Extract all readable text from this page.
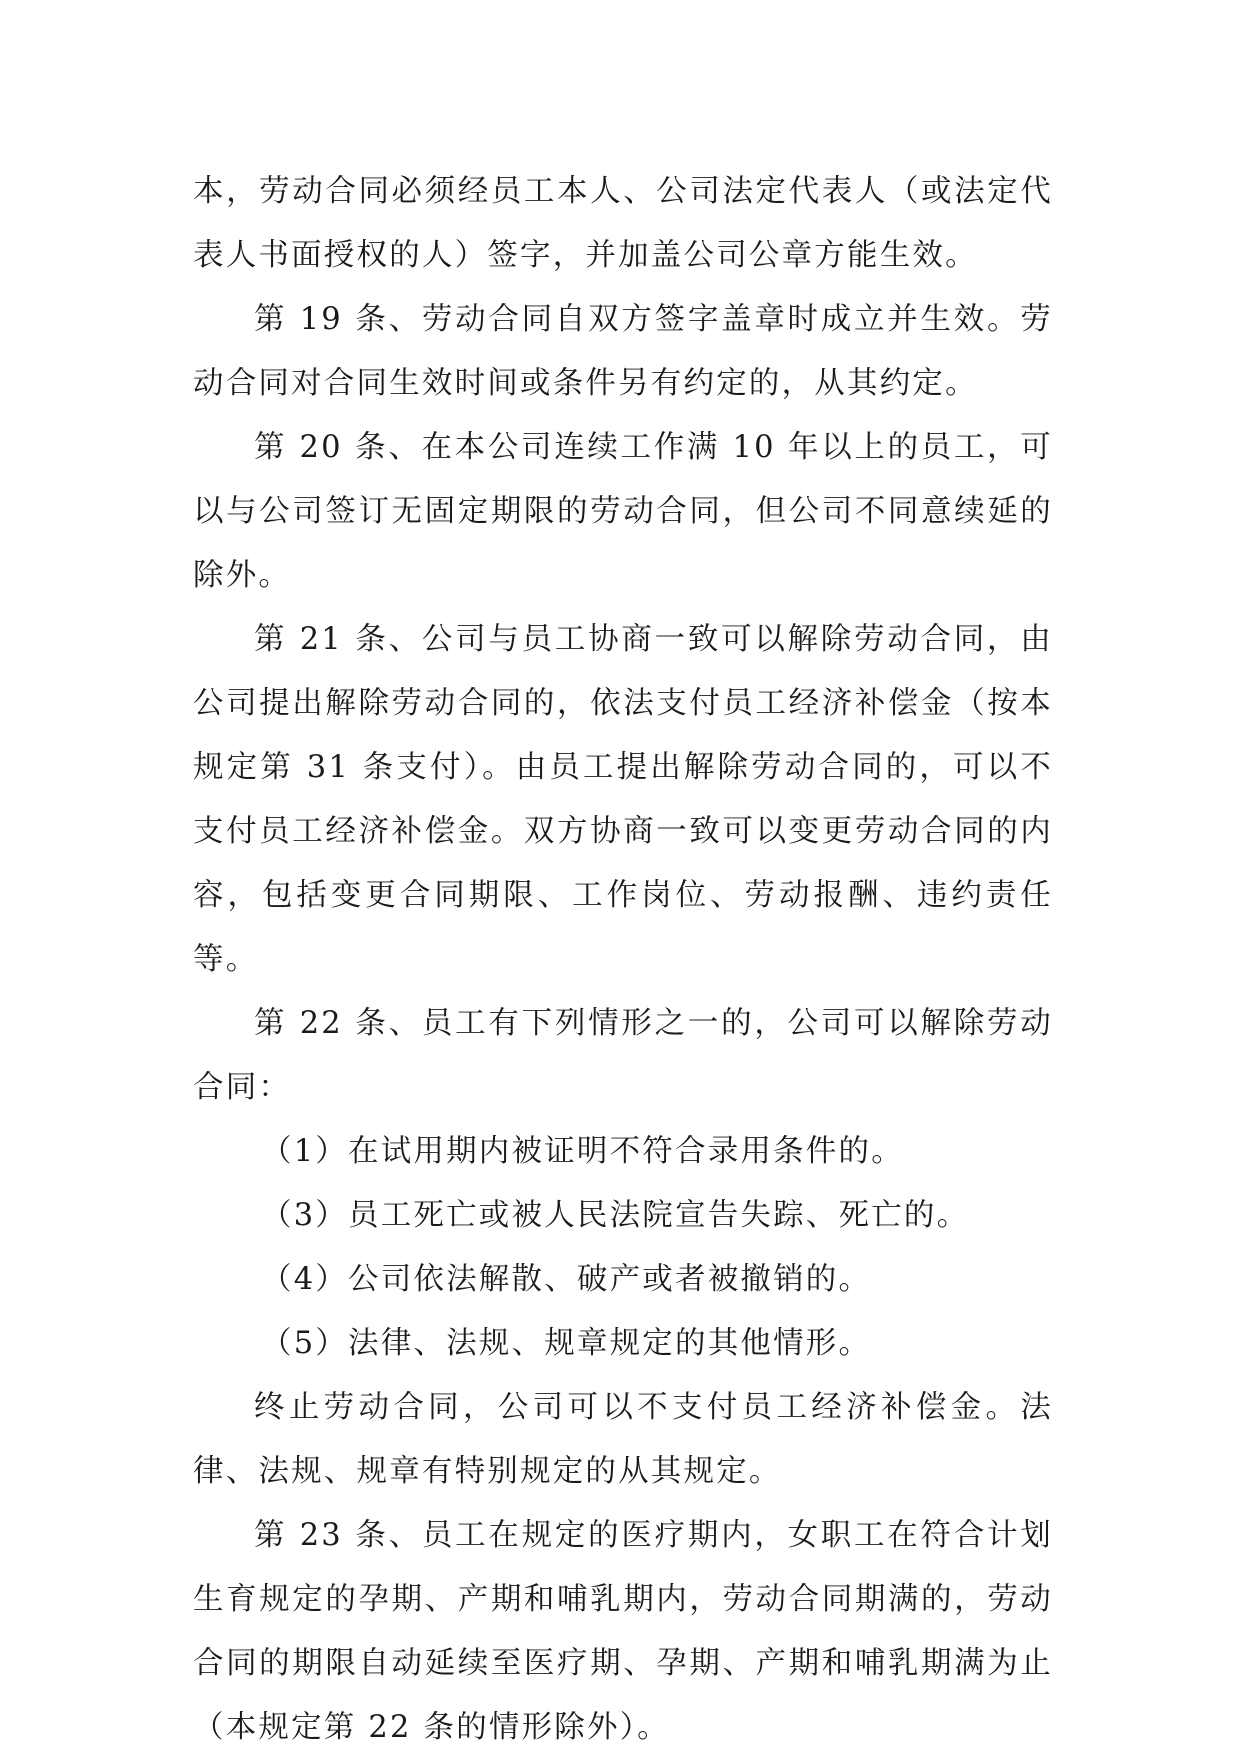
本，劳动合同必须经员工本人、公司法定代表人（或法定代表人书面授权的人）签字，并加盖公司公章方能生效。

第 19 条、劳动合同自双方签字盖章时成立并生效。劳动合同对合同生效时间或条件另有约定的，从其约定。

第 20 条、在本公司连续工作满 10 年以上的员工，可以与公司签订无固定期限的劳动合同，但公司不同意续延的除外。

第 21 条、公司与员工协商一致可以解除劳动合同，由公司提出解除劳动合同的，依法支付员工经济补偿金（按本规定第 31 条支付）。由员工提出解除劳动合同的，可以不支付员工经济补偿金。双方协商一致可以变更劳动合同的内容，包括变更合同期限、工作岗位、劳动报酬、违约责任等。

第 22 条、员工有下列情形之一的，公司可以解除劳动合同：

（1）在试用期内被证明不符合录用条件的。

（3）员工死亡或被人民法院宣告失踪、死亡的。

（4）公司依法解散、破产或者被撤销的。

（5）法律、法规、规章规定的其他情形。

终止劳动合同，公司可以不支付员工经济补偿金。法律、法规、规章有特别规定的从其规定。

第 23 条、员工在规定的医疗期内，女职工在符合计划生育规定的孕期、产期和哺乳期内，劳动合同期满的，劳动合同的期限自动延续至医疗期、孕期、产期和哺乳期满为止（本规定第 22 条的情形除外）。
